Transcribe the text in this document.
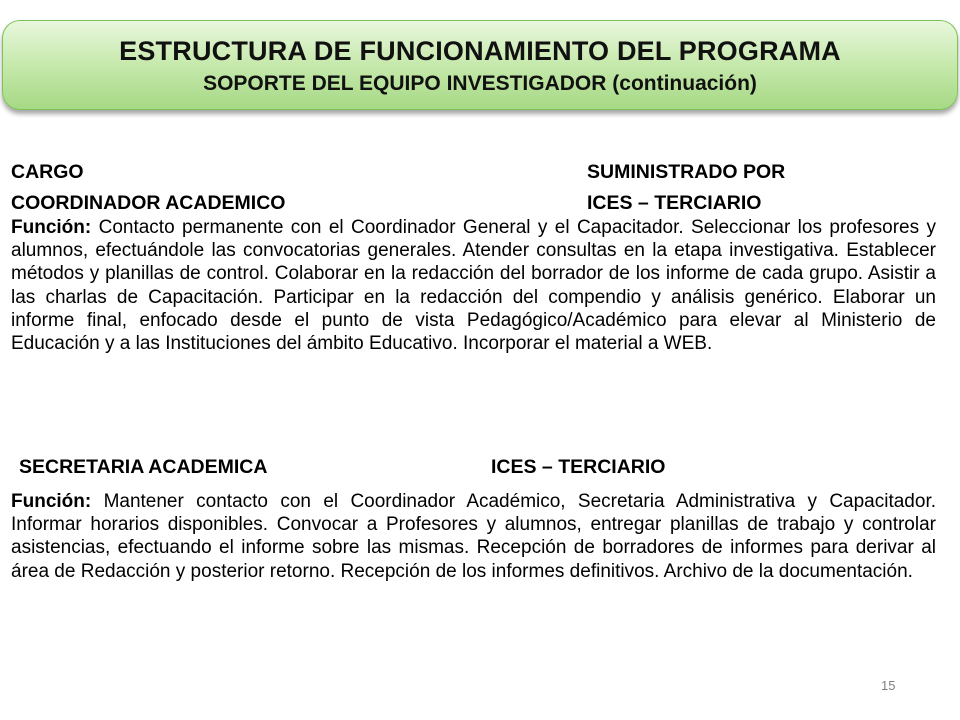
ESTRUCTURA DE FUNCIONAMIENTO DEL PROGRAMA
SOPORTE DEL EQUIPO INVESTIGADOR (continuación)
CARGO	SUMINISTRADO POR
COORDINADOR ACADEMICO	ICES – TERCIARIO
Función: Contacto permanente con el Coordinador General y el Capacitador. Seleccionar los profesores y alumnos, efectuándole las convocatorias generales. Atender consultas en la etapa investigativa. Establecer métodos y planillas de control. Colaborar en la redacción del borrador de los informe de cada grupo. Asistir a las charlas de Capacitación. Participar en la redacción del compendio y análisis genérico. Elaborar un informe final, enfocado desde el punto de vista Pedagógico/Académico para elevar al Ministerio de Educación y a las Instituciones del ámbito Educativo. Incorporar el material a WEB.
SECRETARIA ACADEMICA	ICES – TERCIARIO
Función: Mantener contacto con el Coordinador Académico, Secretaria Administrativa y Capacitador. Informar horarios disponibles. Convocar a Profesores y alumnos, entregar planillas de trabajo y controlar asistencias, efectuando el informe sobre las mismas. Recepción de borradores de informes para derivar al área de Redacción y posterior retorno. Recepción de los informes definitivos. Archivo de la documentación.
15
